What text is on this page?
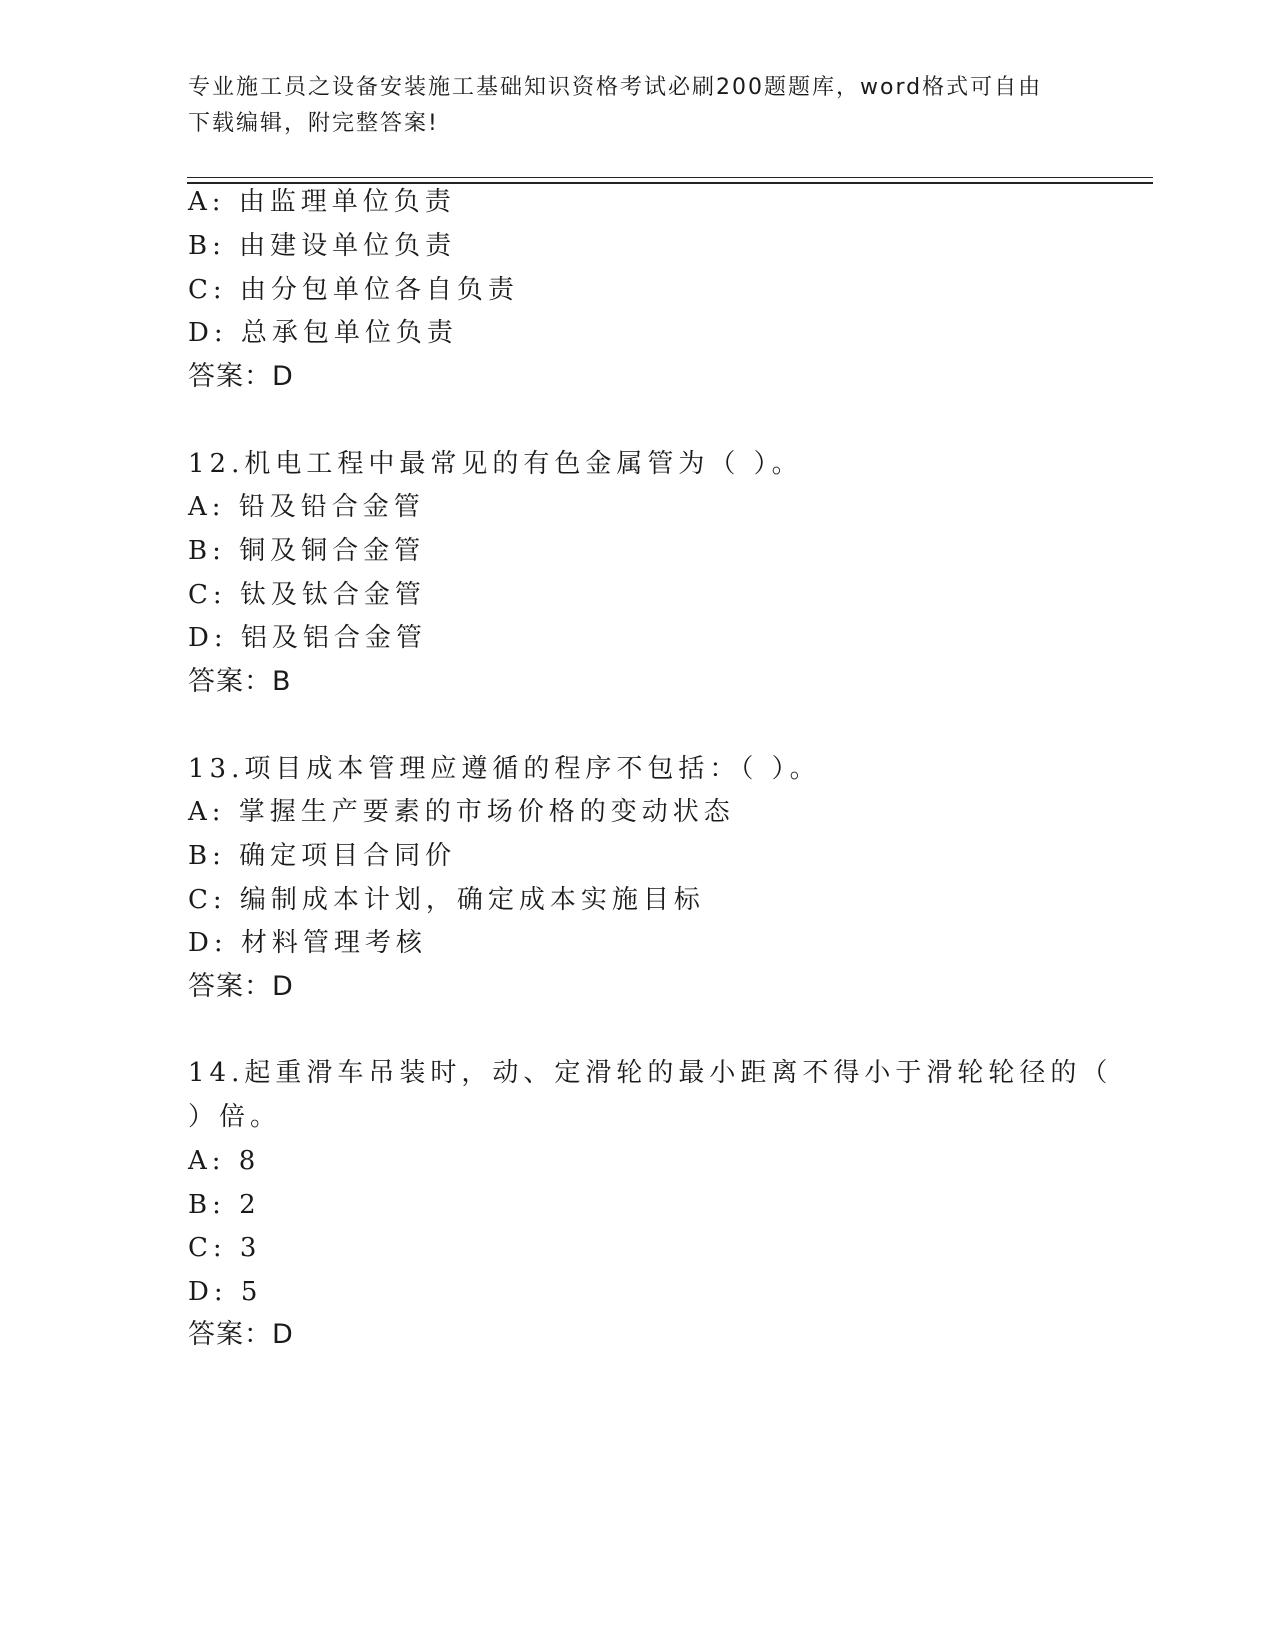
专业施工员之设备安装施工基础知识资格考试必刷200题题库，word格式可自由
下载编辑，附完整答案!
A: 由监理单位负责
B: 由建设单位负责
C: 由分包单位各自负责
D: 总承包单位负责
答案：D
12.机电工程中最常见的有色金属管为（ ）。
A: 铅及铅合金管
B: 铜及铜合金管
C: 钛及钛合金管
D: 铝及铝合金管
答案：B
13.项目成本管理应遵循的程序不包括：（ ）。
A: 掌握生产要素的市场价格的变动状态
B: 确定项目合同价
C: 编制成本计划，确定成本实施目标
D: 材料管理考核
答案：D
14.起重滑车吊装时，动、定滑轮的最小距离不得小于滑轮轮径的（
）倍。
A: 8
B: 2
C: 3
D: 5
答案：D
